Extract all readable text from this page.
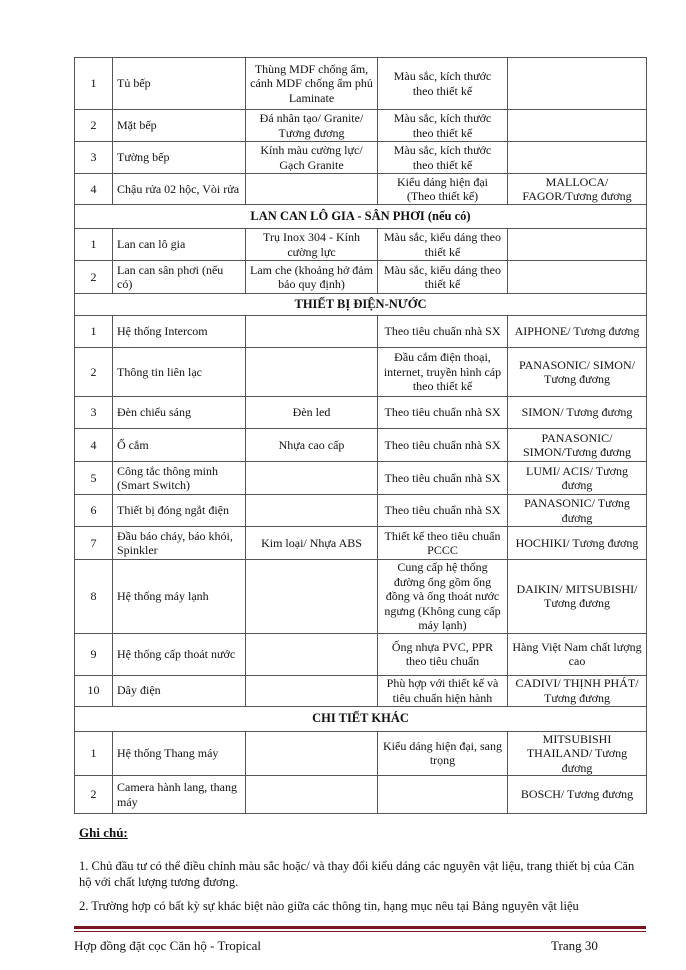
1	Tủ bếp	Thùng MDF chống ẩm, cánh MDF chống ẩm phủ Laminate	Màu sắc, kích thước theo thiết kế	
2	Mặt bếp	Đá nhân tạo/ Granite/ Tương đương	Màu sắc, kích thước theo thiết kế	
3	Tường bếp	Kính màu cường lực/ Gạch Granite	Màu sắc, kích thước theo thiết kế	
4	Chậu rửa 02 hộc, Vòi rửa		Kiểu dáng hiện đại (Theo thiết kế)	MALLOCA/ FAGOR/Tương đương
LAN CAN LÔ GIA - SÂN PHƠI (nếu có)				
1	Lan can lô gia	Trụ Inox 304 - Kính cường lực	Màu sắc, kiểu dáng theo thiết kế	
2	Lan can sân phơi (nếu có)	Lam che (khoảng hở đảm bảo quy định)	Màu sắc, kiểu dáng theo thiết kế	
THIẾT BỊ ĐIỆN-NƯỚC				
1	Hệ thống Intercom		Theo tiêu chuẩn nhà SX	AIPHONE/ Tương đương
2	Thông tin liên lạc		Đầu cắm điện thoại, internet, truyền hình cáp theo thiết kế	PANASONIC/ SIMON/ Tương đương
3	Đèn chiếu sáng	Đèn led	Theo tiêu chuẩn nhà SX	SIMON/ Tương đương
4	Ổ cắm	Nhựa cao cấp	Theo tiêu chuẩn nhà SX	PANASONIC/ SIMON/Tương đương
5	Công tắc thông minh (Smart Switch)		Theo tiêu chuẩn nhà SX	LUMI/ ACIS/ Tương đương
6	Thiết bị đóng ngắt điện		Theo tiêu chuẩn nhà SX	PANASONIC/ Tương đương
7	Đầu báo cháy, báo khói, Spinkler	Kim loại/ Nhựa ABS	Thiết kế theo tiêu chuẩn PCCC	HOCHIKI/ Tương đương
8	Hệ thống máy lạnh		Cung cấp hệ thống đường ống gồm ống đồng và ống thoát nước ngưng (Không cung cấp máy lạnh)	DAIKIN/ MITSUBISHI/ Tương đương
9	Hệ thống cấp thoát nước		Ống nhựa PVC, PPR theo tiêu chuẩn	Hàng Việt Nam chất lượng cao
10	Dây điện		Phù hợp với thiết kế và tiêu chuẩn hiện hành	CADIVI/ THỊNH PHÁT/ Tương đương
CHI TIẾT KHÁC				
1	Hệ thống Thang máy		Kiểu dáng hiện đại, sang trọng	MITSUBISHI THAILAND/ Tương đương
2	Camera hành lang, thang máy			BOSCH/ Tương đương
Ghi chú:
1. Chủ đầu tư có thể điều chỉnh màu sắc hoặc/ và thay đổi kiểu dáng các nguyên vật liệu, trang thiết bị của Căn hộ với chất lượng tương đương.
2. Trường hợp có bất kỳ sự khác biệt nào giữa các thông tin, hạng mục nêu tại Bảng nguyên vật liệu
Hợp đồng đặt cọc Căn hộ - Tropical	Trang 30
